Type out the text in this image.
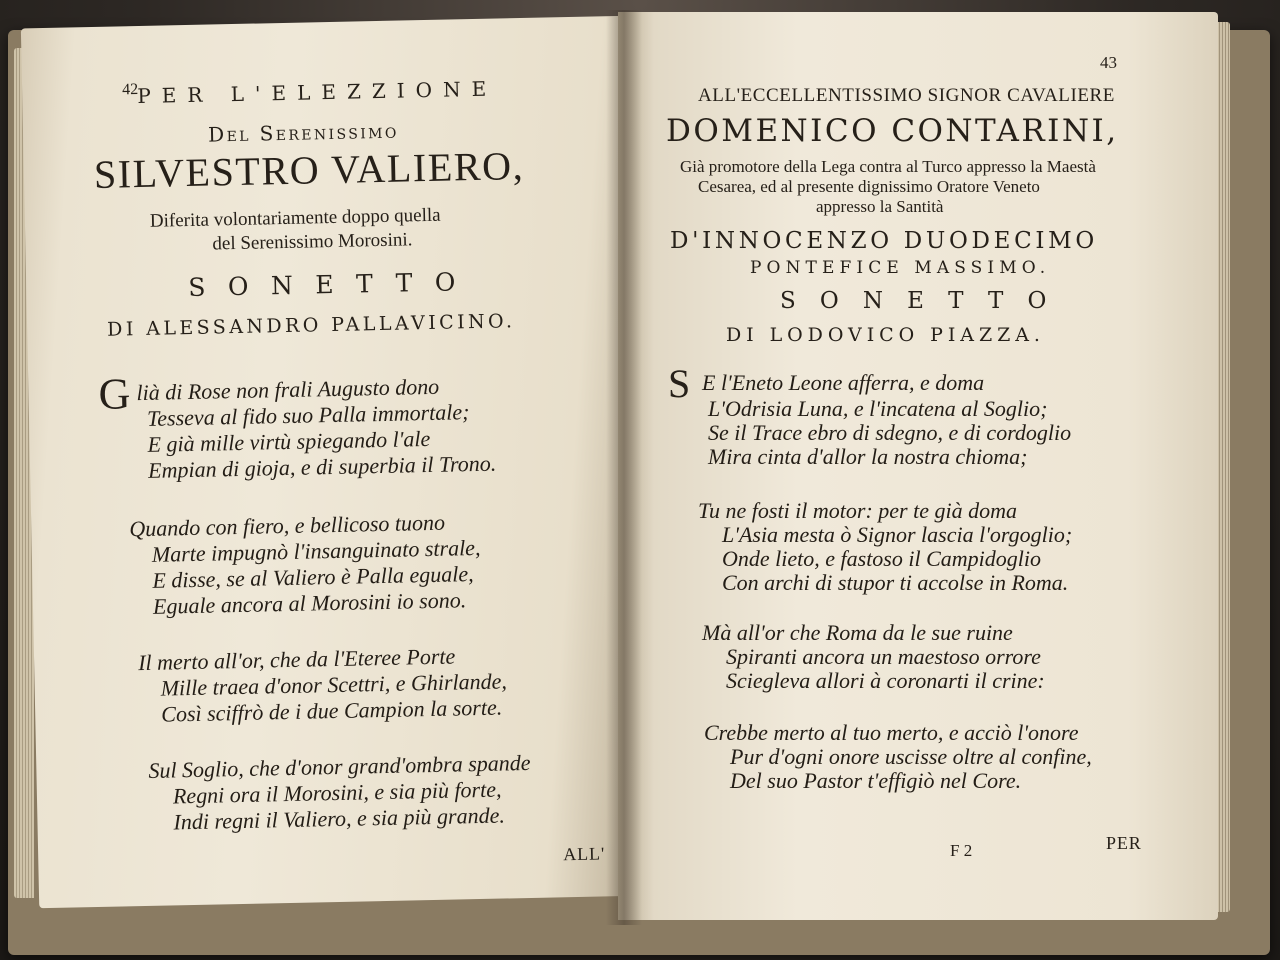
42
PER L'ELEZZIONE
Del Serenissimo
SILVESTRO VALIERO,
Diferita volontariamente doppo quella
del Serenissimo Morosini.
SONETTO
DI ALESSANDRO PALLAVICINO.
G lià di Rose non frali Augusto dono
Tesseva al fido suo Palla immortale;
E già mille virtù spiegando l'ale
Empian di gioja, e di superbia il Trono.
Quando con fiero, e bellicoso tuono
Marte impugnò l'insanguinato strale,
E disse, se al Valiero è Palla eguale,
Eguale ancora al Morosini io sono.
Il merto all'or, che da l'Eteree Porte
Mille traea d'onor Scettri, e Ghirlande,
Così sciffrò de i due Campion la sorte.
Sul Soglio, che d'onor grand'ombra spande
Regni ora il Morosini, e sia più forte,
Indi regni il Valiero, e sia più grande.
ALL'
43
ALL'ECCELLENTISSIMO SIGNOR CAVALIERE
DOMENICO CONTARINI,
Già promotore della Lega contra al Turco appresso la Maestà
Cesarea, ed al presente dignissimo Oratore Veneto
appresso la Santità
D'INNOCENZO DUODECIMO
PONTEFICE MASSIMO.
SONETTO
DI LODOVICO PIAZZA.
S E l'Eneto Leone afferra, e doma
L'Odrisia Luna, e l'incatena al Soglio;
Se il Trace ebro di sdegno, e di cordoglio
Mira cinta d'allor la nostra chioma;
Tu ne fosti il motor: per te già doma
L'Asia mesta ò Signor lascia l'orgoglio;
Onde lieto, e fastoso il Campidoglio
Con archi di stupor ti accolse in Roma.
Mà all'or che Roma da le sue ruine
Spiranti ancora un maestoso orrore
Sciegleva allori à coronarti il crine:
Crebbe merto al tuo merto, e acciò l'onore
Pur d'ogni onore uscisse oltre al confine,
Del suo Pastor t'effigiò nel Core.
F 2	PER
